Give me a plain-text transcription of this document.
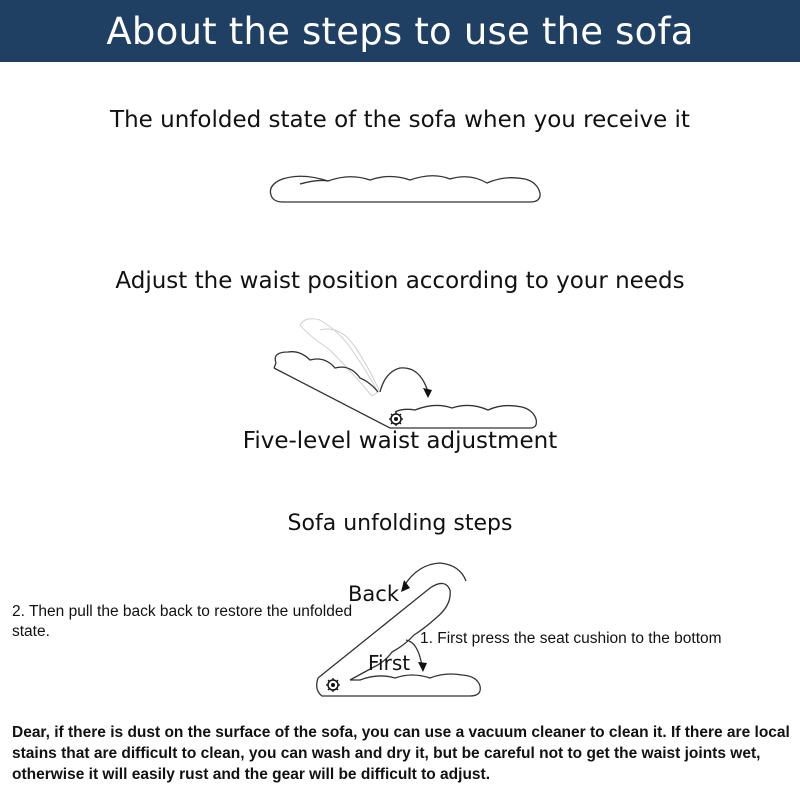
About the steps to use the sofa
The unfolded state of the sofa when you receive it
Adjust the waist position according to your needs
Five-level waist adjustment
Sofa unfolding steps
Back
First
2. Then pull the back back to restore the unfolded state.	1. First press the seat cushion to the bottom
Dear, if there is dust on the surface of the sofa, you can use a vacuum cleaner to clean it. If there are local stains that are difficult to clean, you can wash and dry it, but be careful not to get the waist joints wet, otherwise it will easily rust and the gear will be difficult to adjust.
